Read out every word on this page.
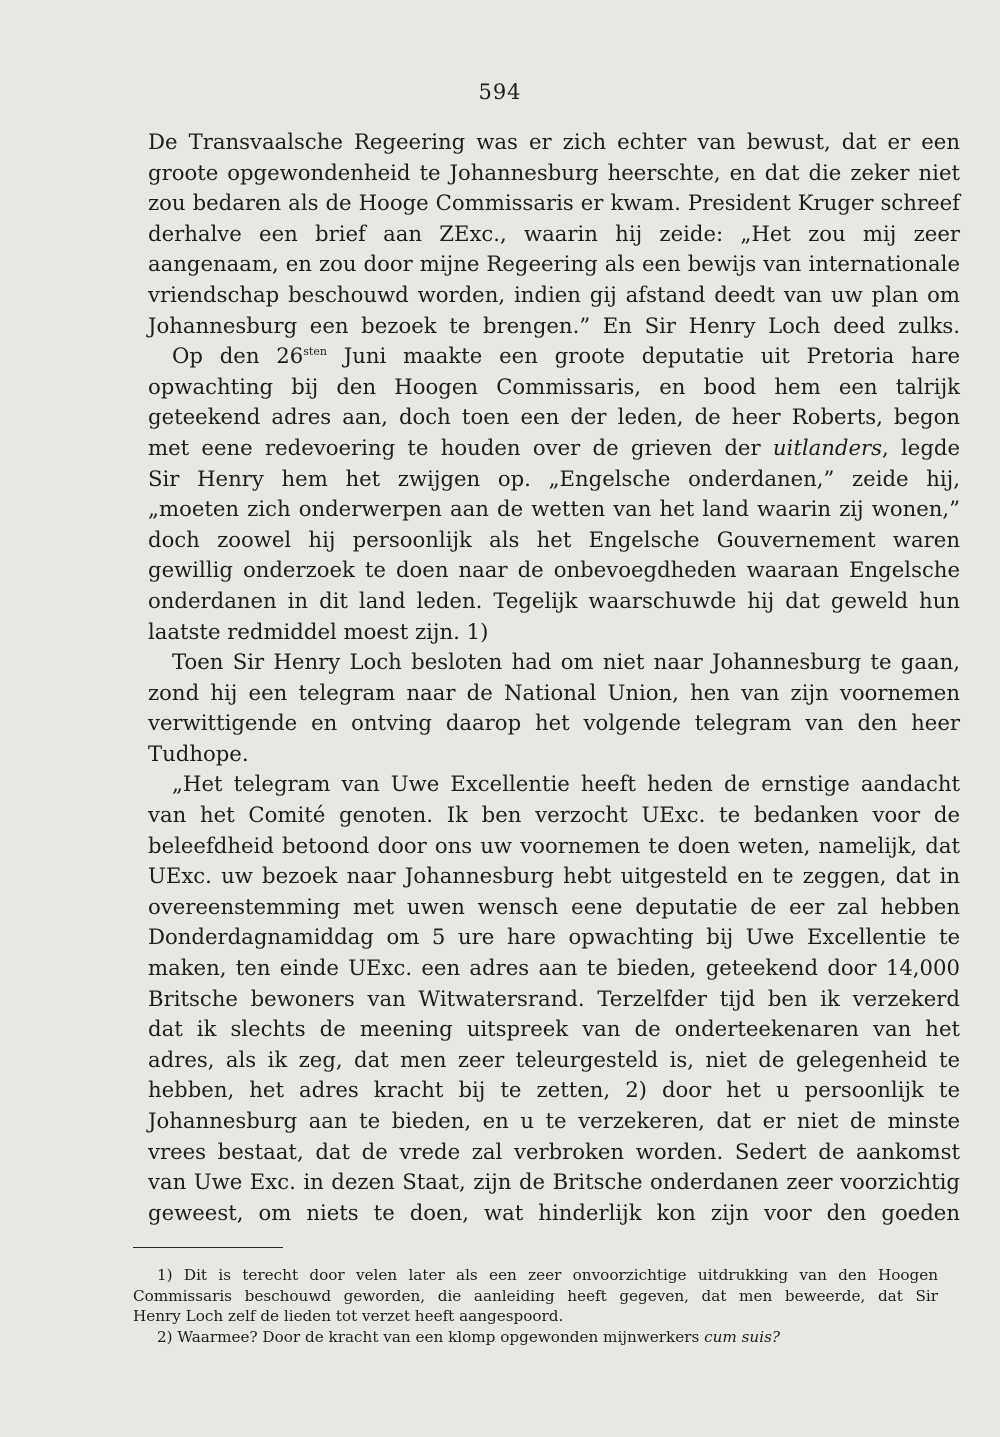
594
De Transvaalsche Regeering was er zich echter van bewust, dat er een
groote opgewondenheid te Johannesburg heerschte, en dat die zeker niet
zou bedaren als de Hooge Commissaris er kwam. President Kruger schreef
derhalve een brief aan ZExc., waarin hij zeide: „Het zou mij zeer
aangenaam, en zou door mijne Regeering als een bewijs van internationale
vriendschap beschouwd worden, indien gij afstand deedt van uw plan om
Johannesburg een bezoek te brengen.” En Sir Henry Loch deed zulks.
Op den $26^{sten}$ Juni maakte een groote deputatie uit Pretoria hare
opwachting bij den Hoogen Commissaris, en bood hem een talrijk
geteekend adres aan, doch toen een der leden, de heer Roberts, begon
met eene redevoering te houden over de grieven der uitlanders, legde
Sir Henry hem het zwijgen op. „Engelsche onderdanen,” zeide hij,
„moeten zich onderwerpen aan de wetten van het land waarin zij wonen,”
doch zoowel hij persoonlijk als het Engelsche Gouvernement waren
gewillig onderzoek te doen naar de onbevoegdheden waaraan Engelsche
onderdanen in dit land leden. Tegelijk waarschuwde hij dat geweld hun
laatste redmiddel moest zijn. 1)
Toen Sir Henry Loch besloten had om niet naar Johannesburg te gaan,
zond hij een telegram naar de National Union, hen van zijn voornemen
verwittigende en ontving daarop het volgende telegram van den heer
Tudhope.
„Het telegram van Uwe Excellentie heeft heden de ernstige aandacht
van het Comité genoten. Ik ben verzocht UExc. te bedanken voor de
beleefdheid betoond door ons uw voornemen te doen weten, namelijk, dat
UExc. uw bezoek naar Johannesburg hebt uitgesteld en te zeggen, dat in
overeenstemming met uwen wensch eene deputatie de eer zal hebben
Donderdagnamiddag om 5 ure hare opwachting bij Uwe Excellentie te
maken, ten einde UExc. een adres aan te bieden, geteekend door 14,000
Britsche bewoners van Witwatersrand. Terzelfder tijd ben ik verzekerd
dat ik slechts de meening uitspreek van de onderteekenaren van het
adres, als ik zeg, dat men zeer teleurgesteld is, niet de gelegenheid te
hebben, het adres kracht bij te zetten, 2) door het u persoonlijk te
Johannesburg aan te bieden, en u te verzekeren, dat er niet de minste
vrees bestaat, dat de vrede zal verbroken worden. Sedert de aankomst
van Uwe Exc. in dezen Staat, zijn de Britsche onderdanen zeer voorzichtig
geweest, om niets te doen, wat hinderlijk kon zijn voor den goeden
1) Dit is terecht door velen later als een zeer onvoorzichtige uitdrukking van den Hoogen
Commissaris beschouwd geworden, die aanleiding heeft gegeven, dat men beweerde, dat Sir
Henry Loch zelf de lieden tot verzet heeft aangespoord.
2) Waarmee? Door de kracht van een klomp opgewonden mijnwerkers cum suis?
